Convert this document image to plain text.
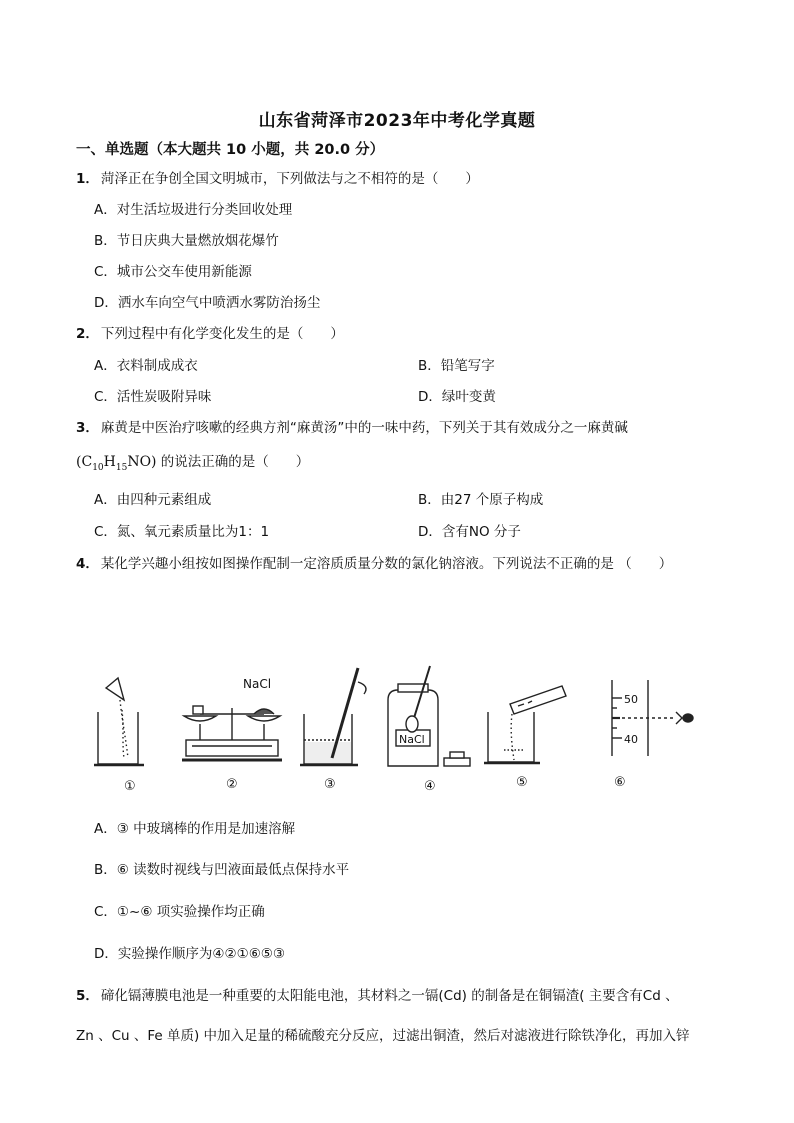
山东省菏泽市2023年中考化学真题
一、单选题（本大题共 10 小题，共 20.0 分）
1． 菏泽正在争创全国文明城市，下列做法与之不相符的是（　　）
A．对生活垃圾进行分类回收处理
B．节日庆典大量燃放烟花爆竹
C．城市公交车使用新能源
D．洒水车向空气中喷洒水雾防治扬尘
2． 下列过程中有化学变化发生的是（　　）
A．衣料制成成衣	B．铅笔写字
C．活性炭吸附异味	D．绿叶变黄
3． 麻黄是中医治疗咳嗽的经典方剂“麻黄汤”中的一味中药，下列关于其有效成分之一麻黄碱
$(C_{10}H_{15}NO)$ 的说法正确的是（　　）
A．由四种元素组成	B．由27 个原子构成
C．氮、氧元素质量比为1：1	D．含有NO 分子
4． 某化学兴趣小组按如图操作配制一定溶质质量分数的氯化钠溶液。下列说法不正确的是 （　　）
NaCl
NaCl
50
40
①	②	③	④	⑤	⑥
A．③ 中玻璃棒的作用是加速溶解
B．⑥ 读数时视线与凹液面最低点保持水平
C．①~⑥ 项实验操作均正确
D．实验操作顺序为④②①⑥⑤③
5． 碲化镉薄膜电池是一种重要的太阳能电池，其材料之一镉(Cd) 的制备是在铜镉渣( 主要含有Cd 、
Zn 、Cu 、Fe 单质) 中加入足量的稀硫酸充分反应，过滤出铜渣，然后对滤液进行除铁净化，再加入锌
